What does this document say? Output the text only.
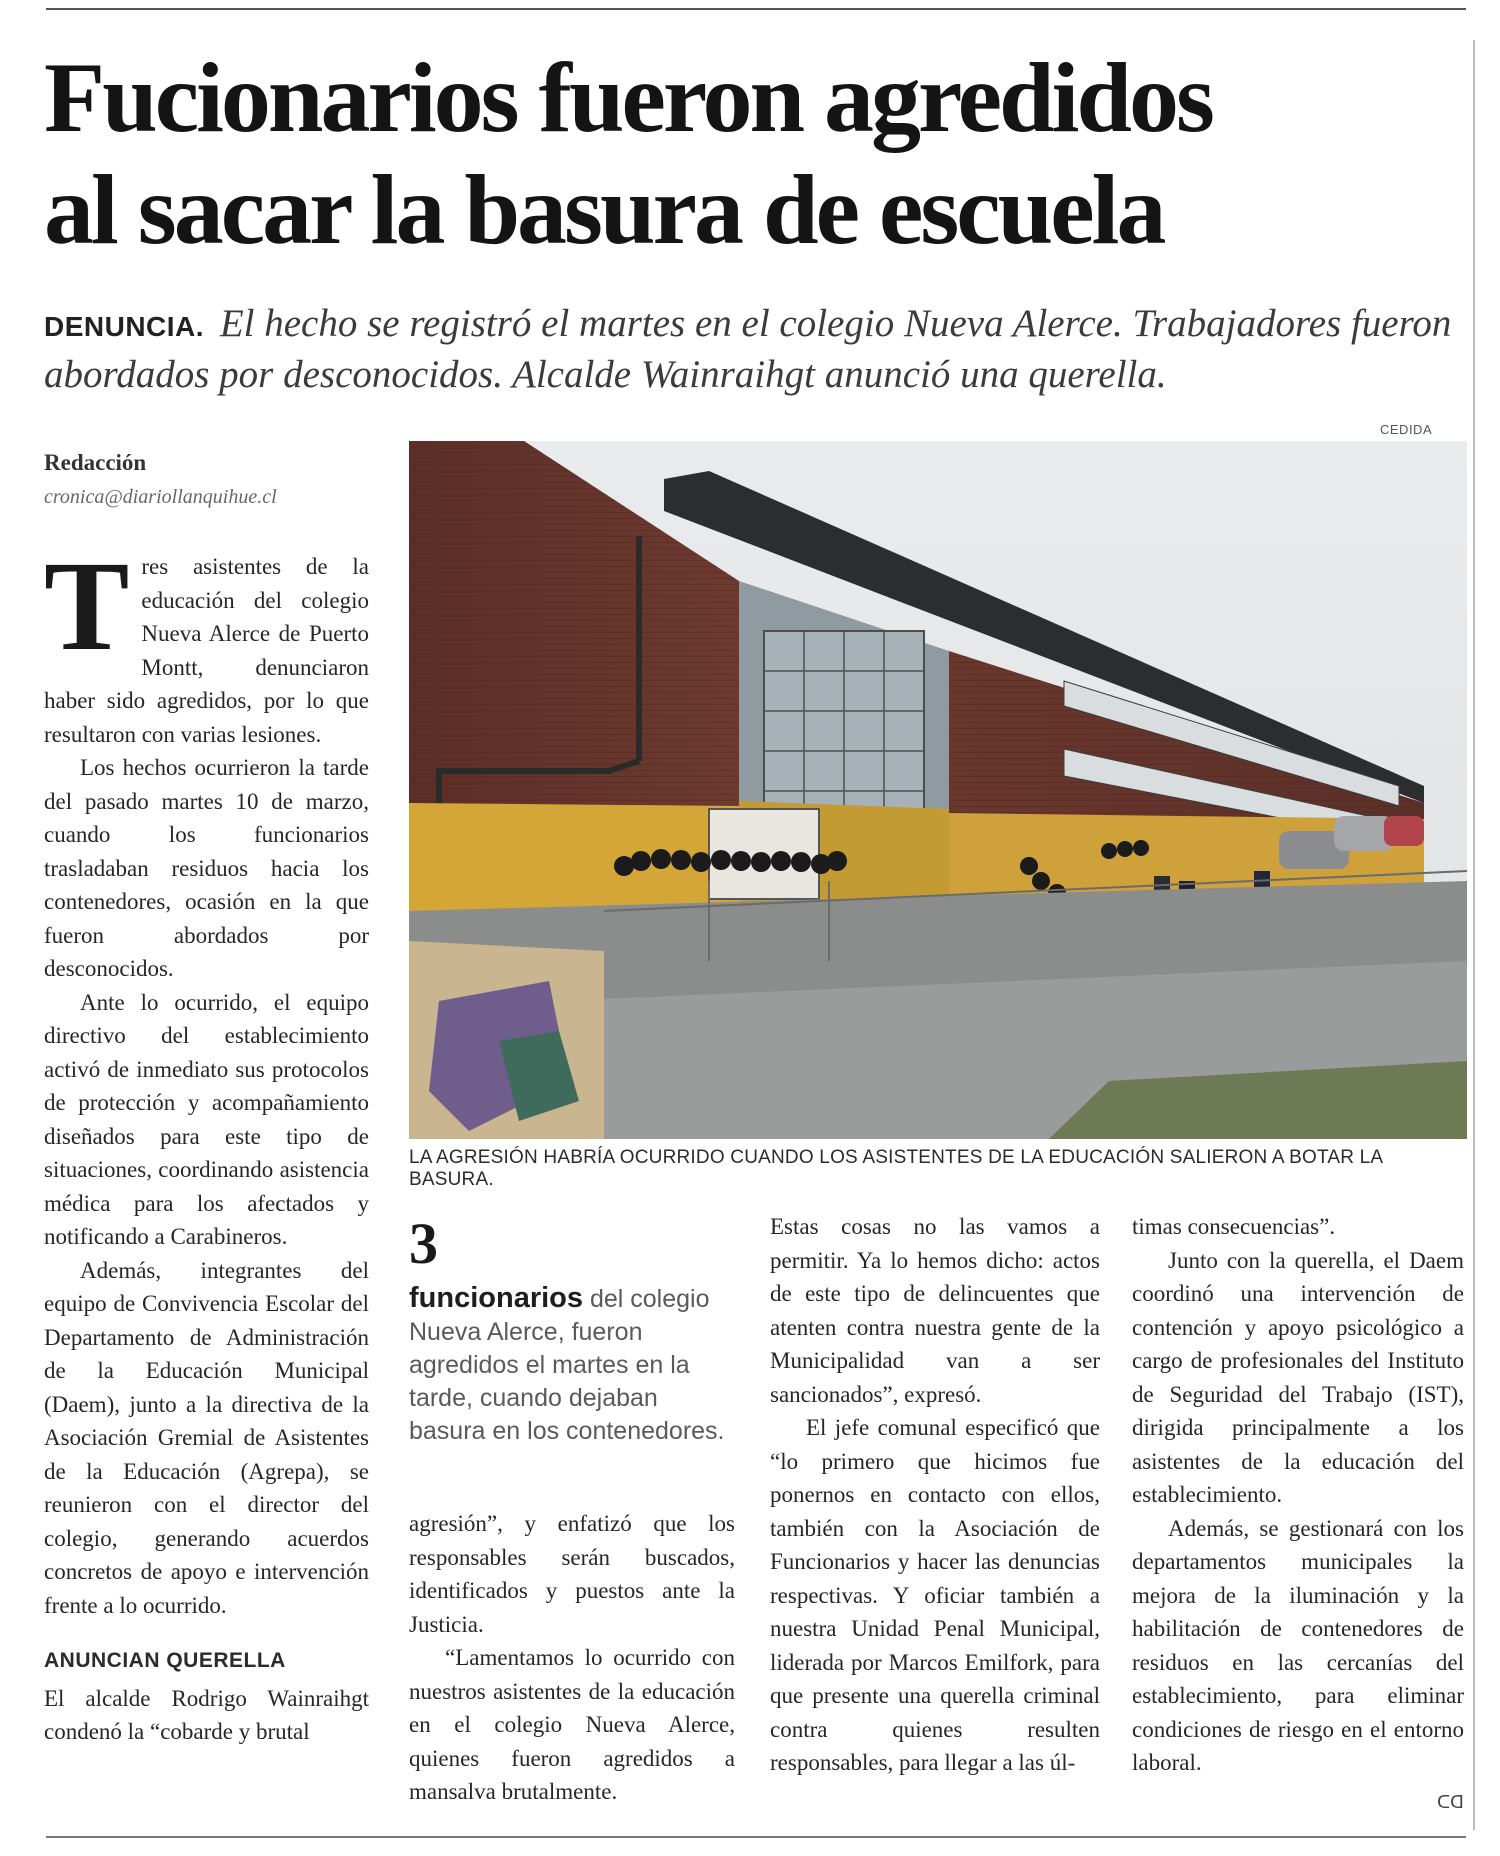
Fucionarios fueron agredidos
al sacar la basura de escuela
DENUNCIA. El hecho se registró el martes en el colegio Nueva Alerce. Trabajadores fueron abordados por desconocidos. Alcalde Wainraihgt anunció una querella.
Redacción
cronica@diariollanquihue.cl
CEDIDA
LA AGRESIÓN HABRÍA OCURRIDO CUANDO LOS ASISTENTES DE LA EDUCACIÓN SALIERON A BOTAR LA BASURA.
T res asistentes de la educación del colegio Nueva Alerce de Puerto Montt, denunciaron haber sido agredidos, por lo que resultaron con varias lesiones.

Los hechos ocurrieron la tarde del pasado martes 10 de marzo, cuando los funcionarios trasladaban residuos hacia los contenedores, ocasión en la que fueron abordados por desconocidos.

Ante lo ocurrido, el equipo directivo del establecimiento activó de inmediato sus protocolos de protección y acompañamiento diseñados para este tipo de situaciones, coordinando asistencia médica para los afectados y notificando a Carabineros.

Además, integrantes del equipo de Convivencia Escolar del Departamento de Administración de la Educación Municipal (Daem), junto a la directiva de la Asociación Gremial de Asistentes de la Educación (Agrepa), se reunieron con el director del colegio, generando acuerdos concretos de apoyo e intervención frente a lo ocurrido.

ANUNCIAN QUERELLA

El alcalde Rodrigo Wainraihgt condenó la “cobarde y brutal

3
funcionarios del colegio Nueva Alerce, fueron agredidos el martes en la tarde, cuando dejaban basura en los contenedores.

agresión”, y enfatizó que los responsables serán buscados, identificados y puestos ante la Justicia.

“Lamentamos lo ocurrido con nuestros asistentes de la educación en el colegio Nueva Alerce, quienes fueron agredidos a mansalva brutalmente.

Estas cosas no las vamos a permitir. Ya lo hemos dicho: actos de este tipo de delincuentes que atenten contra nuestra gente de la Municipalidad van a ser sancionados”, expresó.

El jefe comunal especificó que “lo primero que hicimos fue ponernos en contacto con ellos, también con la Asociación de Funcionarios y hacer las denuncias respectivas. Y oficiar también a nuestra Unidad Penal Municipal, liderada por Marcos Emilfork, para que presente una querella criminal contra quienes resulten responsables, para llegar a las úl-

timas consecuencias”.

Junto con la querella, el Daem coordinó una intervención de contención y apoyo psicológico a cargo de profesionales del Instituto de Seguridad del Trabajo (IST), dirigida principalmente a los asistentes de la educación del establecimiento.

Además, se gestionará con los departamentos municipales la mejora de la iluminación y la habilitación de contenedores de residuos en las cercanías del establecimiento, para eliminar condiciones de riesgo en el entorno laboral.

ᑕᗡ
